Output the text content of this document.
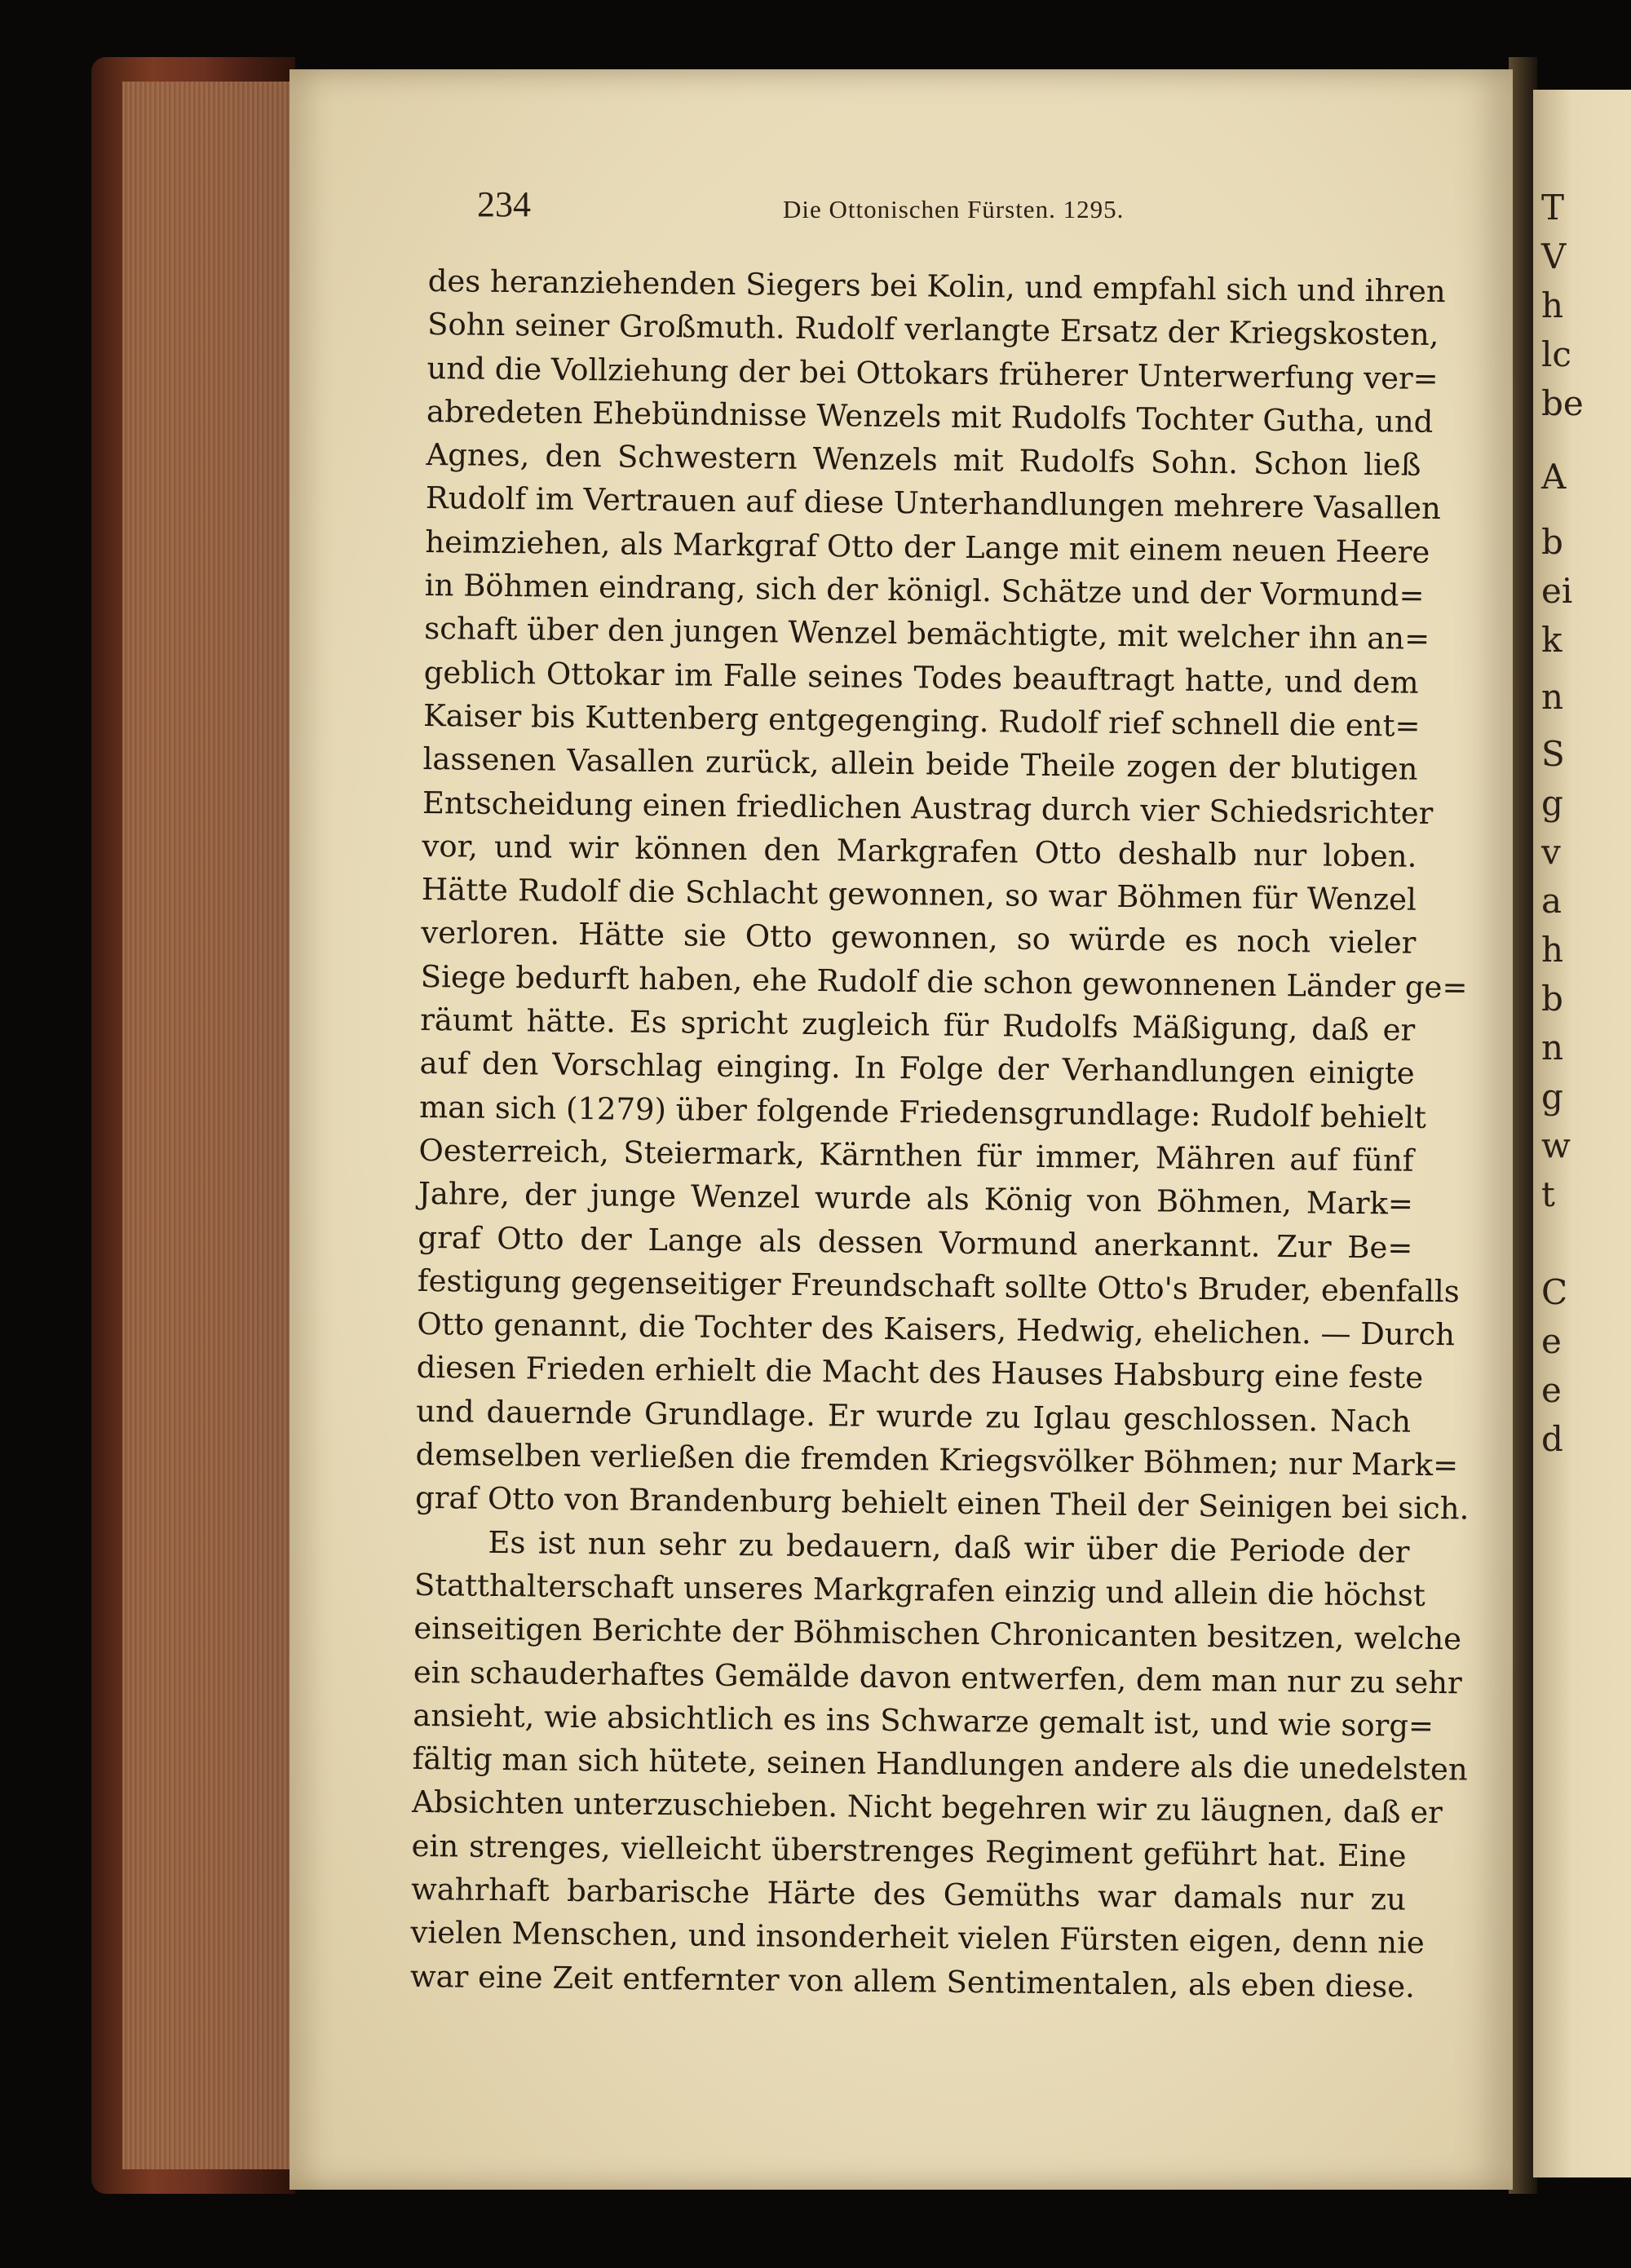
T
V
h
lc
be
A
b
ei
k
n
S
g
v
a
h
b
n
g
w
t
C
e
e
d
234	Die Ottonischen Fürsten. 1295.
des heranziehenden Siegers bei Kolin, und empfahl sich und ihren
Sohn seiner Großmuth. Rudolf verlangte Ersatz der Kriegskosten,
und die Vollziehung der bei Ottokars früherer Unterwerfung ver=
abredeten Ehebündnisse Wenzels mit Rudolfs Tochter Gutha, und
Agnes, den Schwestern Wenzels mit Rudolfs Sohn. Schon ließ
Rudolf im Vertrauen auf diese Unterhandlungen mehrere Vasallen
heimziehen, als Markgraf Otto der Lange mit einem neuen Heere
in Böhmen eindrang, sich der königl. Schätze und der Vormund=
schaft über den jungen Wenzel bemächtigte, mit welcher ihn an=
geblich Ottokar im Falle seines Todes beauftragt hatte, und dem
Kaiser bis Kuttenberg entgegenging. Rudolf rief schnell die ent=
lassenen Vasallen zurück, allein beide Theile zogen der blutigen
Entscheidung einen friedlichen Austrag durch vier Schiedsrichter
vor, und wir können den Markgrafen Otto deshalb nur loben.
Hätte Rudolf die Schlacht gewonnen, so war Böhmen für Wenzel
verloren. Hätte sie Otto gewonnen, so würde es noch vieler
Siege bedurft haben, ehe Rudolf die schon gewonnenen Länder ge=
räumt hätte. Es spricht zugleich für Rudolfs Mäßigung, daß er
auf den Vorschlag einging. In Folge der Verhandlungen einigte
man sich (1279) über folgende Friedensgrundlage: Rudolf behielt
Oesterreich, Steiermark, Kärnthen für immer, Mähren auf fünf
Jahre, der junge Wenzel wurde als König von Böhmen, Mark=
graf Otto der Lange als dessen Vormund anerkannt. Zur Be=
festigung gegenseitiger Freundschaft sollte Otto's Bruder, ebenfalls
Otto genannt, die Tochter des Kaisers, Hedwig, ehelichen. — Durch
diesen Frieden erhielt die Macht des Hauses Habsburg eine feste
und dauernde Grundlage. Er wurde zu Iglau geschlossen. Nach
demselben verließen die fremden Kriegsvölker Böhmen; nur Mark=
graf Otto von Brandenburg behielt einen Theil der Seinigen bei sich.
Es ist nun sehr zu bedauern, daß wir über die Periode der
Statthalterschaft unseres Markgrafen einzig und allein die höchst
einseitigen Berichte der Böhmischen Chronicanten besitzen, welche
ein schauderhaftes Gemälde davon entwerfen, dem man nur zu sehr
ansieht, wie absichtlich es ins Schwarze gemalt ist, und wie sorg=
fältig man sich hütete, seinen Handlungen andere als die unedelsten
Absichten unterzuschieben. Nicht begehren wir zu läugnen, daß er
ein strenges, vielleicht überstrenges Regiment geführt hat. Eine
wahrhaft barbarische Härte des Gemüths war damals nur zu
vielen Menschen, und insonderheit vielen Fürsten eigen, denn nie
war eine Zeit entfernter von allem Sentimentalen, als eben diese.
